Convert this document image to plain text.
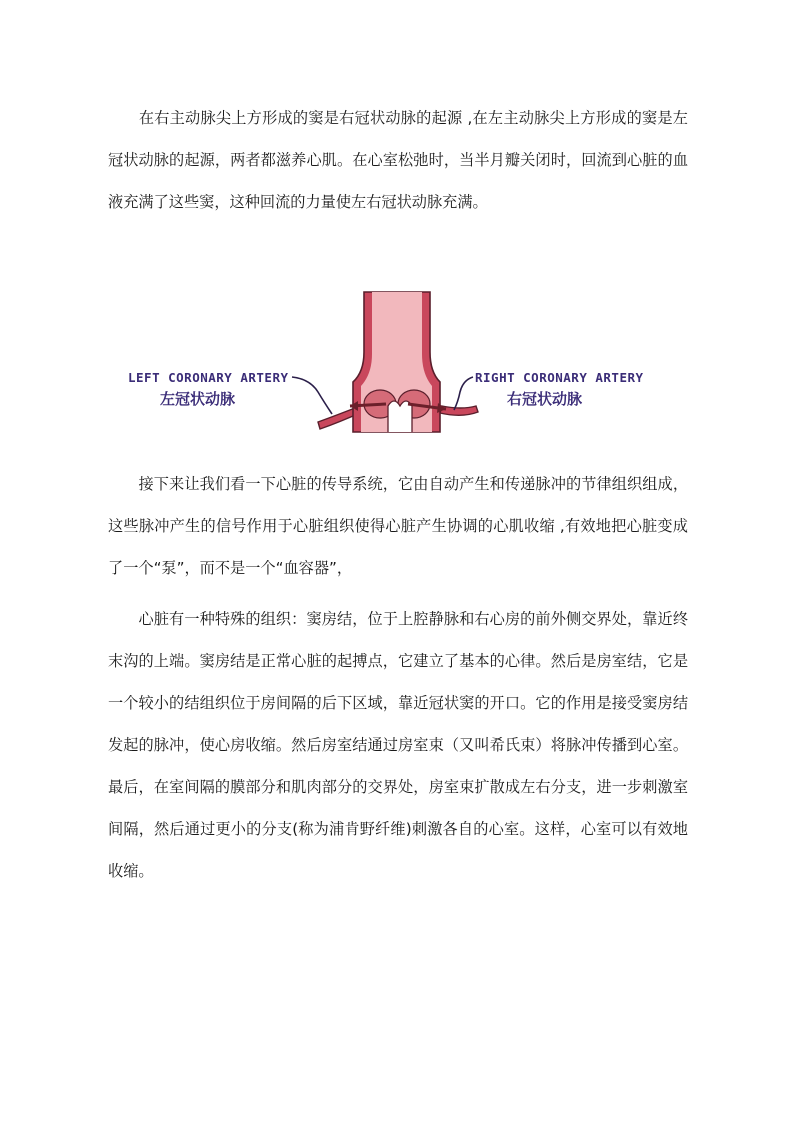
　　在右主动脉尖上方形成的窦是右冠状动脉的起源 ,在左主动脉尖上方形成的窦是左冠状动脉的起源，两者都滋养心肌。在心室松弛时，当半月瓣关闭时，回流到心脏的血液充满了这些窦，这种回流的力量使左右冠状动脉充满。

LEFT CORONARY ARTERY
左冠状动脉
RIGHT CORONARY ARTERY
右冠状动脉

　　接下来让我们看一下心脏的传导系统，它由自动产生和传递脉冲的节律组织组成，这些脉冲产生的信号作用于心脏组织使得心脏产生协调的心肌收缩 ,有效地把心脏变成了一个“泵”，而不是一个“血容器”，

　　心脏有一种特殊的组织：窦房结，位于上腔静脉和右心房的前外侧交界处，靠近终末沟的上端。窦房结是正常心脏的起搏点，它建立了基本的心律。然后是房室结，它是一个较小的结组织位于房间隔的后下区域，靠近冠状窦的开口。它的作用是接受窦房结发起的脉冲，使心房收缩。然后房室结通过房室束（又叫希氏束）将脉冲传播到心室。最后，在室间隔的膜部分和肌肉部分的交界处，房室束扩散成左右分支，进一步刺激室间隔，然后通过更小的分支(称为浦肯野纤维)刺激各自的心室。这样，心室可以有效地收缩。
